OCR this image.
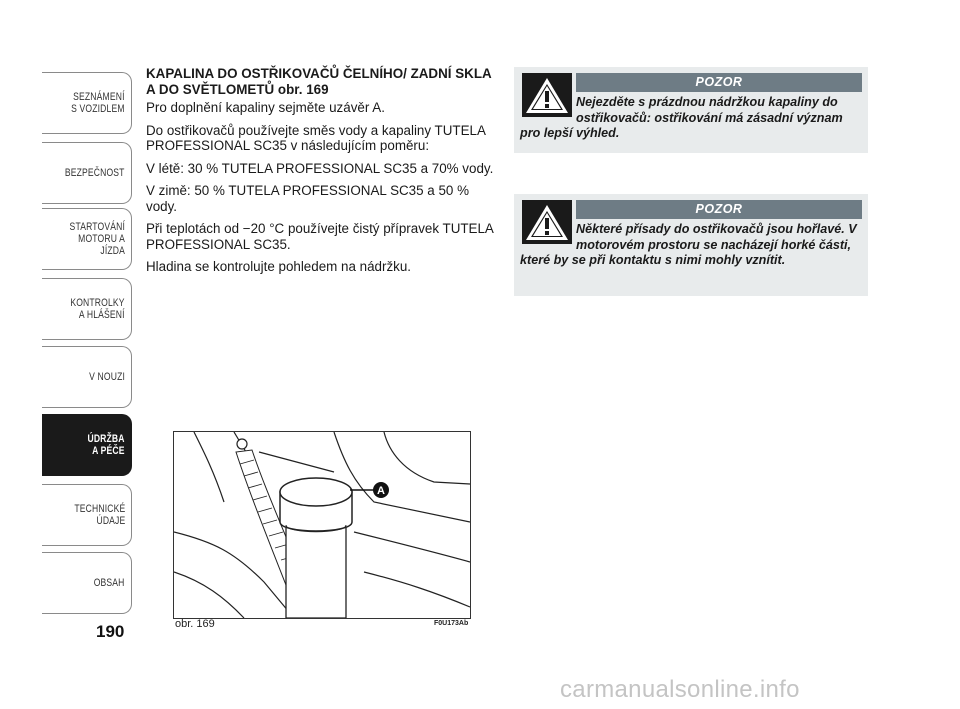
SEZNÁMENÍ
S VOZIDLEM
BEZPEČNOST
STARTOVÁNÍ
MOTORU A JÍZDA
KONTROLKY
A HLÁŠENÍ
V NOUZI
ÚDRŽBA
A PÉČE
TECHNICKÉ
ÚDAJE
OBSAH
190

KAPALINA DO OSTŘIKOVAČŮ ČELNÍHO/ ZADNÍ SKLA A DO SVĚTLOMETŮ obr. 169

Pro doplnění kapaliny sejměte uzávěr A.

Do ostřikovačů používejte směs vody a kapaliny TUTELA PROFESSIONAL SC35 v následujícím poměru:

V létě: 30 % TUTELA PROFESSIONAL SC35 a 70% vody.

V zimě: 50 % TUTELA PROFESSIONAL SC35 a 50 % vody.

Při teplotách od −20 °C používejte čistý přípravek TUTELA PROFESSIONAL SC35.

Hladina se kontrolujte pohledem na nádržku.

POZOR
Nejezděte s prázdnou nádržkou kapaliny do ostřikovačů: ostřikování má zásadní význam pro lepší výhled.
POZOR
Některé přísady do ostřikovačů jsou hořlavé. V motorovém prostoru se nacházejí horké části, které by se při kontaktu s nimi mohly vznítit.
A
obr. 169	F0U173Ab
carmanualsonline.info
